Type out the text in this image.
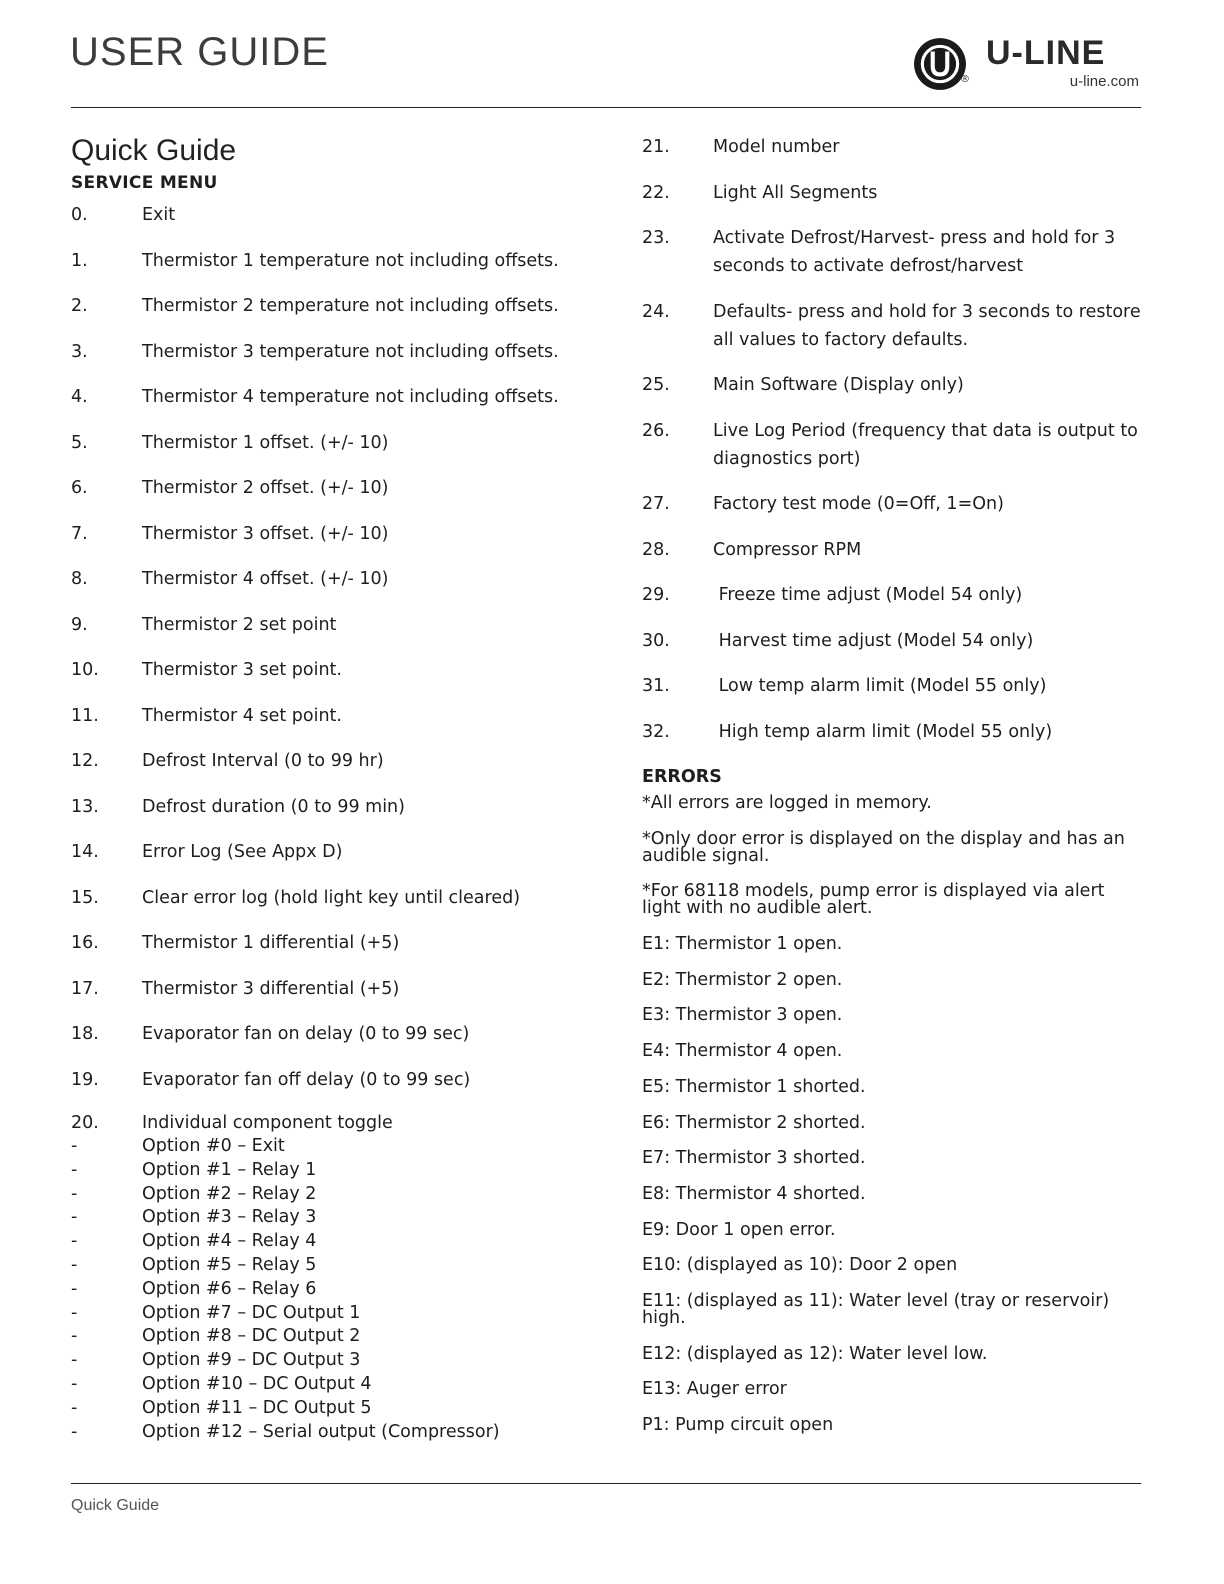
USER GUIDE
®
U-LINE
u-line.com
Quick Guide
SERVICE MENU
0.	Exit
1.	Thermistor 1 temperature not including offsets.
2.	Thermistor 2 temperature not including offsets.
3.	Thermistor 3 temperature not including offsets.
4.	Thermistor 4 temperature not including offsets.
5.	Thermistor 1 offset. (+/- 10)
6.	Thermistor 2 offset. (+/- 10)
7.	Thermistor 3 offset. (+/- 10)
8.	Thermistor 4 offset. (+/- 10)
9.	Thermistor 2 set point
10.	Thermistor 3 set point.
11.	Thermistor 4 set point.
12.	Defrost Interval (0 to 99 hr)
13.	Defrost duration (0 to 99 min)
14.	Error Log (See Appx D)
15.	Clear error log (hold light key until cleared)
16.	Thermistor 1 differential (+5)
17.	Thermistor 3 differential (+5)
18.	Evaporator fan on delay (0 to 99 sec)
19.	Evaporator fan off delay (0 to 99 sec)
20.	Individual component toggle
-	Option #0 – Exit
-	Option #1 – Relay 1
-	Option #2 – Relay 2
-	Option #3 – Relay 3
-	Option #4 – Relay 4
-	Option #5 – Relay 5
-	Option #6 – Relay 6
-	Option #7 – DC Output 1
-	Option #8 – DC Output 2
-	Option #9 – DC Output 3
-	Option #10 – DC Output 4
-	Option #11 – DC Output 5
-	Option #12 – Serial output (Compressor)
21.	Model number
22.	Light All Segments
23.	Activate Defrost/Harvest- press and hold for 3 seconds to activate defrost/harvest
24.	Defaults- press and hold for 3 seconds to restore all values to factory defaults.
25.	Main Software (Display only)
26.	Live Log Period (frequency that data is output to diagnostics port)
27.	Factory test mode (0=Off, 1=On)
28.	Compressor RPM
29.	Freeze time adjust (Model 54 only)
30.	Harvest time adjust (Model 54 only)
31.	Low temp alarm limit (Model 55 only)
32.	High temp alarm limit (Model 55 only)
ERRORS
*All errors are logged in memory.
*Only door error is displayed on the display and has an audible signal.
*For 68118 models, pump error is displayed via alert light with no audible alert.
E1: Thermistor 1 open.
E2: Thermistor 2 open.
E3: Thermistor 3 open.
E4: Thermistor 4 open.
E5: Thermistor 1 shorted.
E6: Thermistor 2 shorted.
E7: Thermistor 3 shorted.
E8: Thermistor 4 shorted.
E9: Door 1 open error.
E10: (displayed as 10): Door 2 open
E11: (displayed as 11): Water level (tray or reservoir) high.
E12: (displayed as 12): Water level low.
E13: Auger error
P1: Pump circuit open
Quick Guide
